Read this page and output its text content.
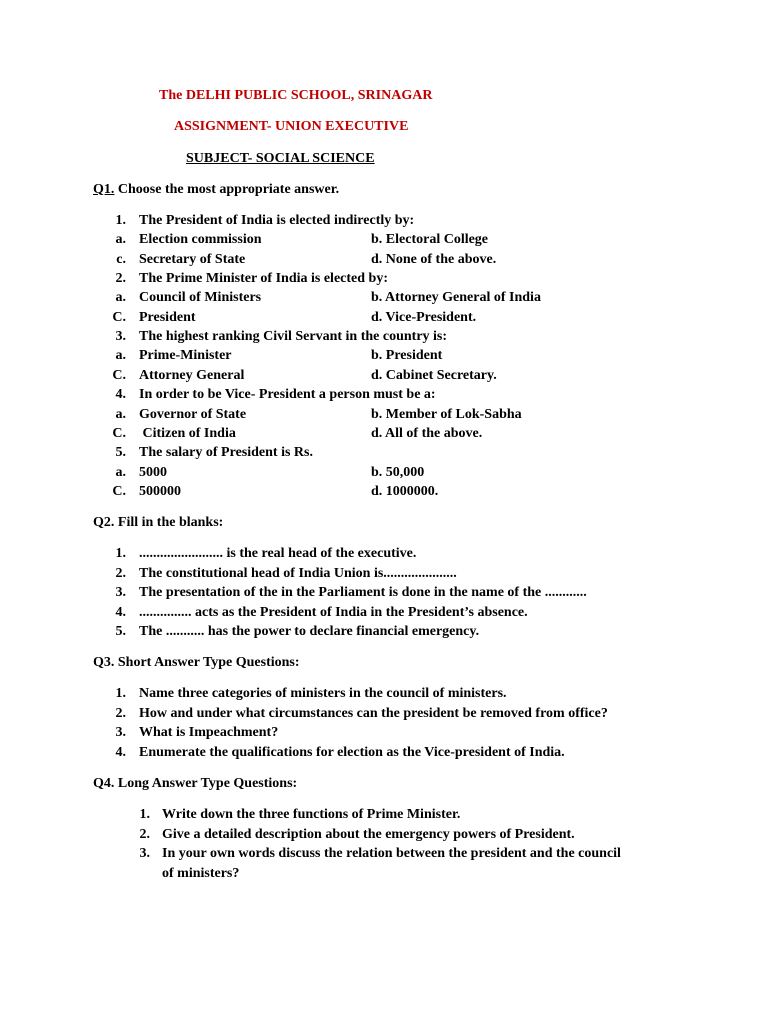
The DELHI PUBLIC SCHOOL, SRINAGAR
ASSIGNMENT- UNION EXECUTIVE
SUBJECT- SOCIAL SCIENCE
Q1. Choose the most appropriate answer.
1. The President of India is elected indirectly by:
a. Election commission	b. Electoral College
c. Secretary of State	d. None of the above.
2. The Prime Minister of India is elected by:
a. Council of Ministers	b. Attorney General of India
C. President	d. Vice-President.
3. The highest ranking Civil Servant in the country is:
a. Prime-Minister	b. President
C. Attorney General	d. Cabinet Secretary.
4. In order to be Vice- President a person must be a:
a. Governor of State	b. Member of Lok-Sabha
C. Citizen of India	d. All of the above.
5. The salary of President is Rs.
a. 5000	b. 50,000
C. 500000	d. 1000000.
Q2. Fill in the blanks:
1. ........................ is the real head of the executive.
2. The constitutional head of India Union is.....................
3. The presentation of the in the Parliament is done in the name of the ............
4. ............... acts as the President of India in the President’s absence.
5. The ........... has the power to declare financial emergency.
Q3. Short Answer Type Questions:
1. Name three categories of ministers in the council of ministers.
2. How and under what circumstances can the president be removed from office?
3. What is Impeachment?
4. Enumerate the qualifications for election as the Vice-president of India.
Q4. Long Answer Type Questions:
1. Write down the three functions of Prime Minister.
2. Give a detailed description about the emergency powers of President.
3. In your own words discuss the relation between the president and the council
of ministers?
